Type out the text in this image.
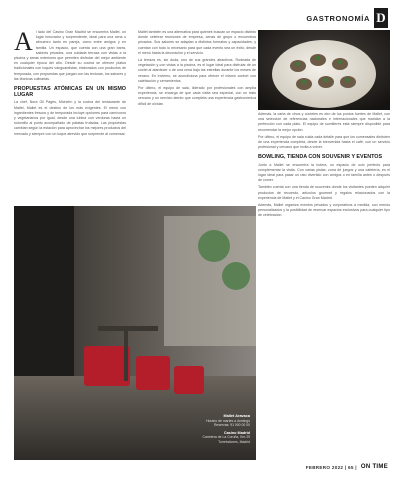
GASTRONOMÍA D

A l lado del Casino Gran Madrid se encuentra Mallet, un lugar innovador y sorprendente, ideal para una cena o almuerzo tanto en pareja, como entre amigos y en familia. Un espacio, que cuenta con una gran barra, salones privados, una cuidada terraza con vistas a la piscina y áreas exteriores que permiten disfrutar del mejor ambiente en cualquier época del año. Desde su cocina se ofrecen platos tradicionales con toques vanguardistas, elaborados con productos de temporada, con propuestas que juegan con las texturas, los sabores y las técnicas culinarias.

PROPUESTAS ATÓMICAS EN UN MISMO LUGAR

La chef, Nora Gil Pagès, Michelín y la cocina del restaurante de Mallet, Mallet es el destino de los más exigentes. El menú con ingredientes frescos y de temporada incluye opciones para carnívoros y vegetarianos por igual, desde una lubina con verduras hasta un solomillo al punto acompañado de patatas trufadas. Las propuestas cambian según la estación para aprovechar los mejores productos del mercado y siempre con un toque atrevido que sorprende al comensal.

Mallet también es una alternativa para quienes buscan un espacio distinto donde celebrar reuniones de empresa, cenas de grupo o encuentros privados. Sus salones se adaptan a distintos formatos y capacidades, y cuentan con todo lo necesario para que cada evento sea un éxito, desde el menú hasta la decoración y el servicio.

La terraza es, sin duda, uno de sus grandes atractivos. Rodeada de vegetación y con vistas a la piscina, es el lugar ideal para disfrutar de un cóctel al atardecer o de una cena bajo las estrellas durante los meses de verano. En invierno, se acondiciona para ofrecer el mismo confort con calefacción y cerramientos.

Por último, el equipo de sala, liderado por profesionales con amplia experiencia, se encarga de que cada visita sea especial, con un trato cercano y un servicio atento que completa una experiencia gastronómica difícil de olvidar.

Además, la carta de vinos y cócteles es otro de los puntos fuertes de Mallet, con una selección de referencias nacionales e internacionales que maridan a la perfección con cada plato. El equipo de sumilleres está siempre disponible para recomendar la mejor opción.

Por último, el equipo de sala cuida cada detalle para que los comensales disfruten de una experiencia completa, desde la bienvenida hasta el café, con un servicio profesional y cercano que invita a volver.

BOWLING, TIENDA CON SOUVENIR Y EVENTOS

Junto a Mallet se encuentra la bolera, un espacio de ocio perfecto para complementar la visita. Con varias pistas, zona de juegos y una cafetería, es el lugar ideal para pasar un rato divertido con amigos o en familia antes o después de comer.

También cuenta con una tienda de souvenirs donde los visitantes pueden adquirir productos de recuerdo, artículos gourmet y regalos relacionados con la experiencia de Mallet y el Casino Gran Madrid.

Además, Mallet organiza eventos privados y corporativos a medida, con menús personalizados y la posibilidad de reservar espacios exclusivos para cualquier tipo de celebración.

Mallet Aravaca
Horario de martes a domingo
Reservas: 91 000 00 00
Casino Madrid
Carretera de La Coruña, Km 29
Torrelodones, Madrid
FEBRERO 2022 | 65 | ON TIME
